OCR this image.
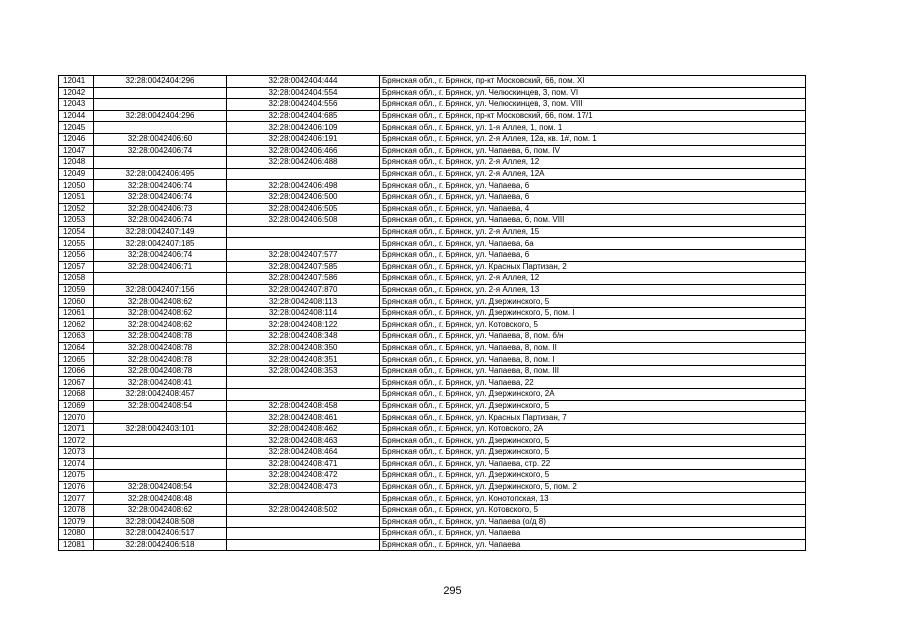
12041	32:28:0042404:296	32:28:0042404:444	Брянская обл., г. Брянск, пр-кт Московский, 66, пом. XI
12042		32:28:0042404:554	Брянская обл., г. Брянск, ул. Челюскинцев, 3, пом. VI
12043		32:28:0042404:556	Брянская обл., г. Брянск, ул. Челюскинцев, 3, пом. VIII
12044	32:28:0042404:296	32:28:0042404:685	Брянская обл., г. Брянск, пр-кт Московский, 66, пом. 17/1
12045		32:28:0042406:109	Брянская обл., г. Брянск, ул. 1-я Аллея, 1, пом. 1
12046	32:28:0042406:60	32:28:0042406:191	Брянская обл., г. Брянск, ул. 2-я Аллея, 12а, кв. 1#, пом. 1
12047	32:28:0042406:74	32:28:0042406:466	Брянская обл., г. Брянск, ул. Чапаева, 6, пом. IV
12048		32:28:0042406:488	Брянская обл., г. Брянск, ул. 2-я Аллея, 12
12049	32:28:0042406:495		Брянская обл., г. Брянск, ул. 2-я Аллея, 12А
12050	32:28:0042406:74	32:28:0042406:498	Брянская обл., г. Брянск, ул. Чапаева, 6
12051	32:28:0042406:74	32:28:0042406:500	Брянская обл., г. Брянск, ул. Чапаева, 6
12052	32:28:0042406:73	32:28:0042406:505	Брянская обл., г. Брянск, ул. Чапаева, 4
12053	32:28:0042406:74	32:28:0042406:508	Брянская обл., г. Брянск, ул. Чапаева, 6, пом. VIII
12054	32:28:0042407:149		Брянская обл., г. Брянск, ул. 2-я Аллея, 15
12055	32:28:0042407:185		Брянская обл., г. Брянск, ул. Чапаева, 6а
12056	32:28:0042406:74	32:28:0042407:577	Брянская обл., г. Брянск, ул. Чапаева, 6
12057	32:28:0042406:71	32:28:0042407:585	Брянская обл., г. Брянск, ул. Красных Партизан, 2
12058		32:28:0042407:586	Брянская обл., г. Брянск, ул. 2-я Аллея, 12
12059	32:28:0042407:156	32:28:0042407:870	Брянская обл., г. Брянск, ул. 2-я Аллея, 13
12060	32:28:0042408:62	32:28:0042408:113	Брянская обл., г. Брянск, ул. Дзержинского, 5
12061	32:28:0042408:62	32:28:0042408:114	Брянская обл., г. Брянск, ул. Дзержинского, 5, пом. I
12062	32:28:0042408:62	32:28:0042408:122	Брянская обл., г. Брянск, ул. Котовского, 5
12063	32:28:0042408:78	32:28:0042408:348	Брянская обл., г. Брянск, ул. Чапаева, 8, пом. б/н
12064	32:28:0042408:78	32:28:0042408:350	Брянская обл., г. Брянск, ул. Чапаева, 8, пом. II
12065	32:28:0042408:78	32:28:0042408:351	Брянская обл., г. Брянск, ул. Чапаева, 8, пом. I
12066	32:28:0042408:78	32:28:0042408:353	Брянская обл., г. Брянск, ул. Чапаева, 8, пом. III
12067	32:28:0042408:41		Брянская обл., г. Брянск, ул. Чапаева, 22
12068	32:28:0042408:457		Брянская обл., г. Брянск, ул. Дзержинского, 2А
12069	32:28:0042408:54	32:28:0042408:458	Брянская обл., г. Брянск, ул. Дзержинского, 5
12070		32:28:0042408:461	Брянская обл., г. Брянск, ул. Красных Партизан, 7
12071	32:28:0042403:101	32:28:0042408:462	Брянская обл., г. Брянск, ул. Котовского, 2А
12072		32:28:0042408:463	Брянская обл., г. Брянск, ул. Дзержинского, 5
12073		32:28:0042408:464	Брянская обл., г. Брянск, ул. Дзержинского, 5
12074		32:28:0042408:471	Брянская обл., г. Брянск, ул. Чапаева, стр. 22
12075		32:28:0042408:472	Брянская обл., г. Брянск, ул. Дзержинского, 5
12076	32:28:0042408:54	32:28:0042408:473	Брянская обл., г. Брянск, ул. Дзержинского, 5, пом. 2
12077	32:28:0042408:48		Брянская обл., г. Брянск, ул. Конотопская, 13
12078	32:28:0042408:62	32:28:0042408:502	Брянская обл., г. Брянск, ул. Котовского, 5
12079	32:28:0042408:508		Брянская обл., г. Брянск, ул. Чапаева (о/д 8)
12080	32:28:0042406:517		Брянская обл., г. Брянск, ул. Чапаева
12081	32:28:0042406:518		Брянская обл., г. Брянск, ул. Чапаева
295
